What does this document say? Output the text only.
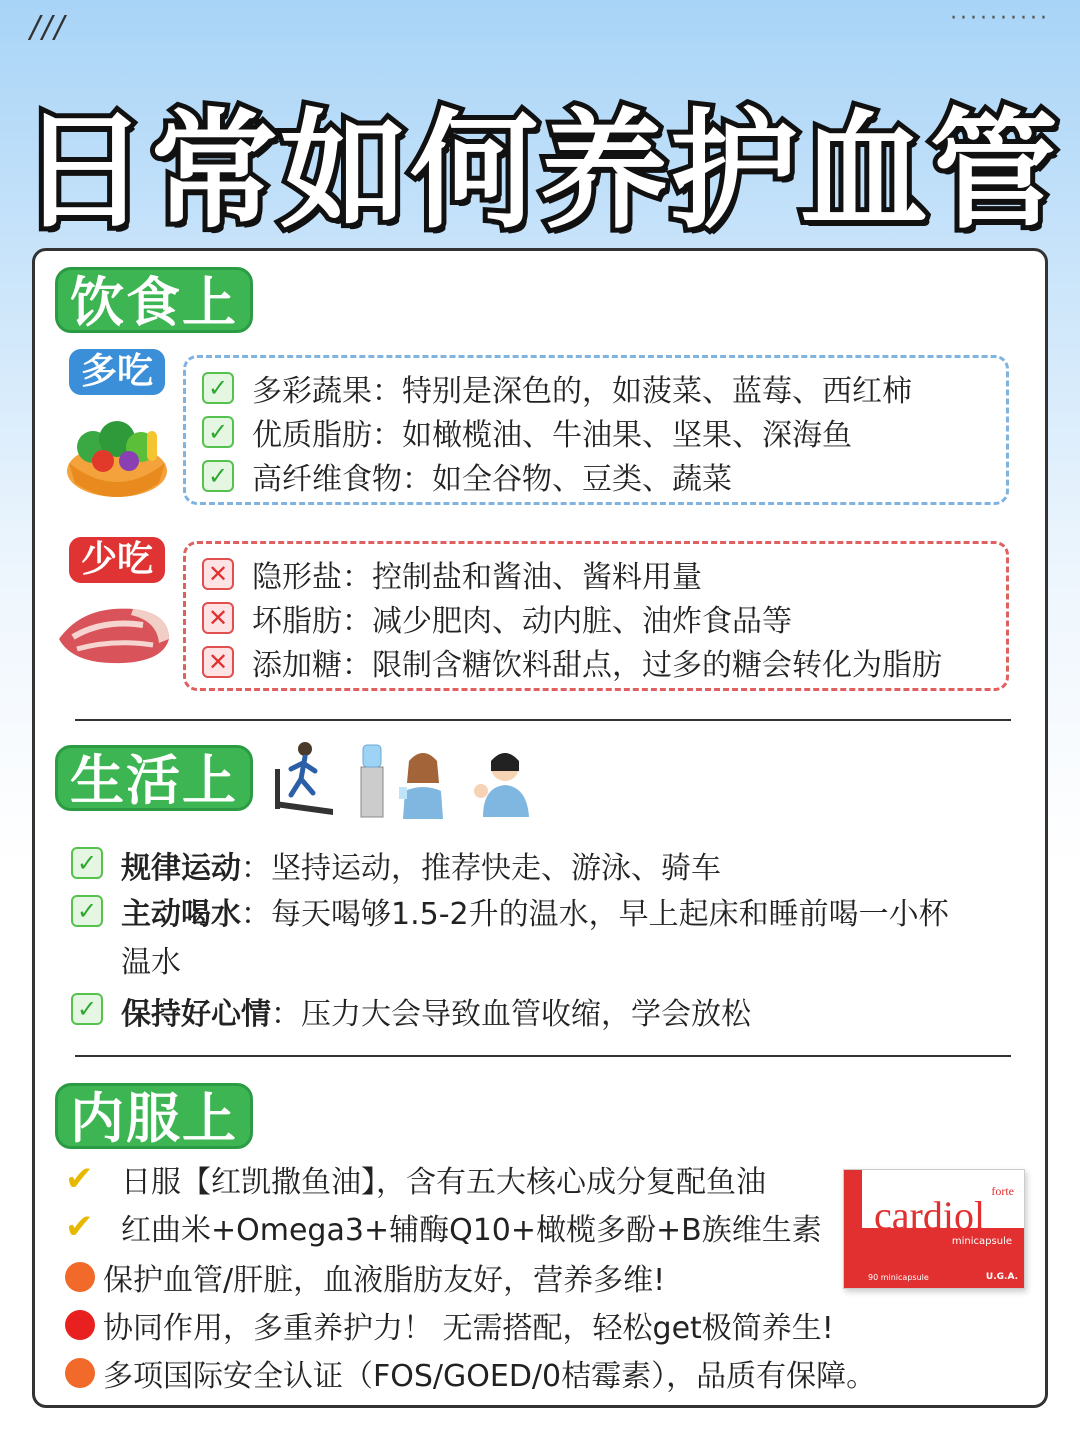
///	··········
日常如何养护血管
饮食上
多吃	✓ 多彩蔬果：特别是深色的，如菠菜、蓝莓、西红柿
✓ 优质脂肪：如橄榄油、牛油果、坚果、深海鱼
✓ 高纤维食物：如全谷物、豆类、蔬菜
少吃	✕ 隐形盐：控制盐和酱油、酱料用量
✕ 坏脂肪：减少肥肉、动内脏、油炸食品等
✕ 添加糖：限制含糖饮料甜点，过多的糖会转化为脂肪
生活上
✓ 规律运动：坚持运动，推荐快走、游泳、骑车
✓ 主动喝水：每天喝够1.5-2升的温水，早上起床和睡前喝一小杯
温水
✓ 保持好心情：压力大会导致血管收缩，学会放松
内服上
✔ 日服【红凯撒鱼油】，含有五大核心成分复配鱼油
✔ 红曲米+Omega3+辅酶Q10+橄榄多酚+B族维生素
保护血管/肝脏，血液脂肪友好，营养多维!
协同作用，多重养护力！ 无需搭配，轻松get极简养生!
多项国际安全认证（FOS/GOED/0桔霉素），品质有保障。
forte
cardiol
minicapsule
90 minicapsule	U.G.A.
